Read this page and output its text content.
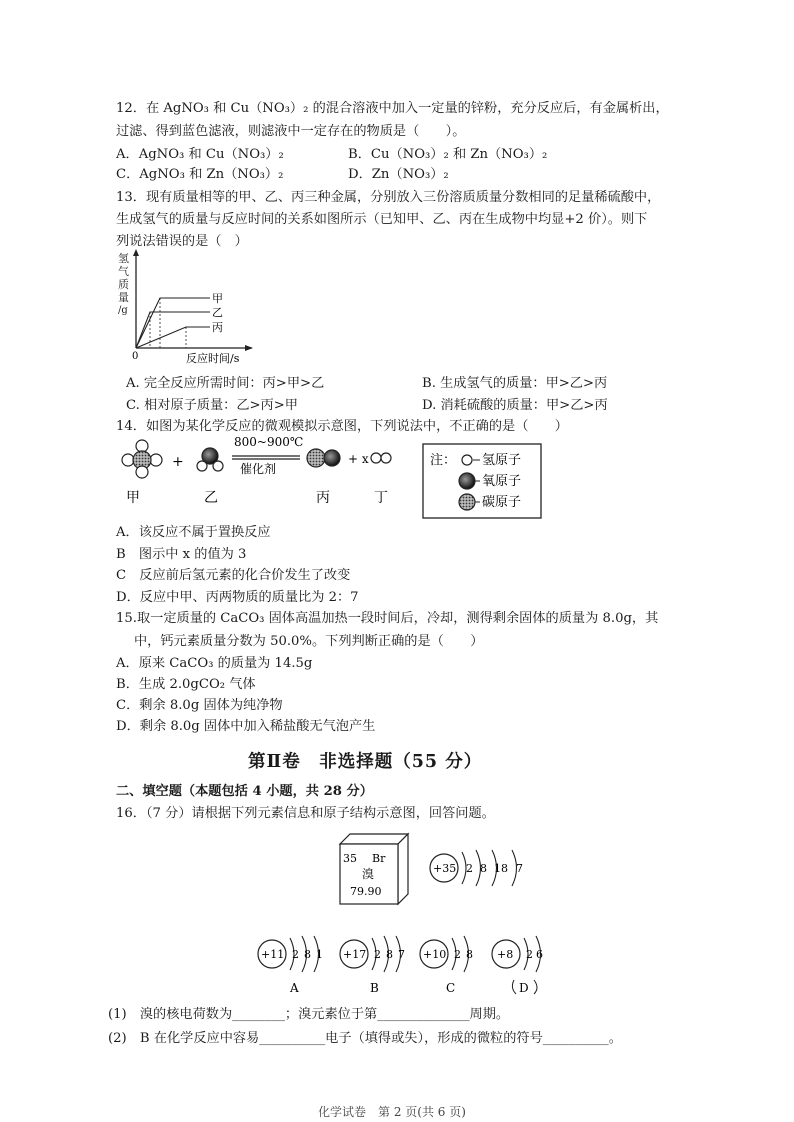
12．在 AgNO₃ 和 Cu（NO₃）₂ 的混合溶液中加入一定量的锌粉，充分反应后，有金属析出，
过滤、得到蓝色滤液，则滤液中一定存在的物质是（　　）。
A．AgNO₃ 和 Cu（NO₃）₂	B．Cu（NO₃）₂ 和 Zn（NO₃）₂
C．AgNO₃ 和 Zn（NO₃）₂	D．Zn（NO₃）₂
13．现有质量相等的甲、乙、丙三种金属，分别放入三份溶质质量分数相同的足量稀硫酸中，
生成氢气的质量与反应时间的关系如图所示（已知甲、乙、丙在生成物中均显+2 价）。则下
列说法错误的是（　）
氢
气
质
量
/g
0
甲
乙
丙
反应时间/s
A. 完全反应所需时间：丙>甲>乙	B. 生成氢气的质量：甲>乙>丙
C. 相对原子质量：乙>丙>甲	D. 消耗硫酸的质量：甲>乙>丙
14．如图为某化学反应的微观模拟示意图，下列说法中，不正确的是（　　）
+
800~900℃
催化剂
+ x
甲	乙	丙	丁
注： 氢原子
氧原子
碳原子
A．该反应不属于置换反应
B　图示中 x 的值为 3
C　反应前后氢元素的化合价发生了改变
D．反应中甲、丙两物质的质量比为 2：7
15.取一定质量的 CaCO₃ 固体高温加热一段时间后，冷却，测得剩余固体的质量为 8.0g，其
中，钙元素质量分数为 50.0%。下列判断正确的是（　　）
A．原来 CaCO₃ 的质量为 14.5g
B．生成 2.0gCO₂ 气体
C．剩余 8.0g 固体为纯净物
D．剩余 8.0g 固体中加入稀盐酸无气泡产生
第Ⅱ卷　非选择题（55 分）
二、填空题（本题包括 4 小题，共 28 分）
16．（7 分）请根据下列元素信息和原子结构示意图，回答问题。
35 Br
溴
79.90
+35 2 8 18 7
+11 2 8 1
A
+17 2 8 7
B
+10 2 8
C
+8 2 6
D
(1)　溴的核电荷数为________；溴元素位于第______________周期。
(2)　B 在化学反应中容易__________电子（填得或失），形成的微粒的符号__________。
化学试卷　第 2 页(共 6 页)
